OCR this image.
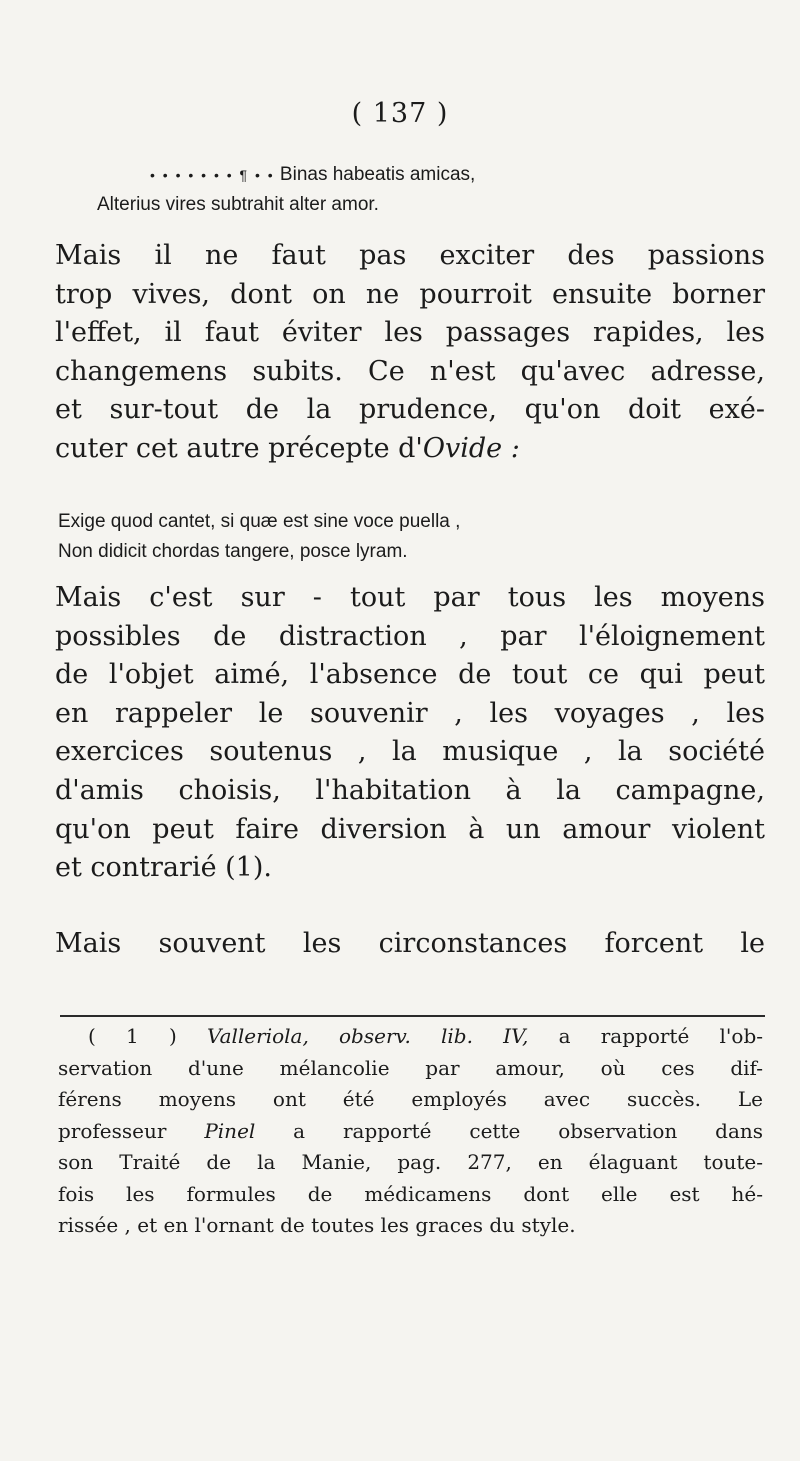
( 137 )
• • • • • • • ¶ • • Binas habeatis amicas,
Alterius vires subtrahit alter amor.
Mais il ne faut pas exciter des passions
trop vives, dont on ne pourroit ensuite borner
l'effet, il faut éviter les passages rapides, les
changemens subits. Ce n'est qu'avec adresse,
et sur-tout de la prudence, qu'on doit exé-
cuter cet autre précepte d'Ovide :
Exige quod cantet, si quæ est sine voce puella ,
Non didicit chordas tangere, posce lyram.
Mais c'est sur - tout par tous les moyens
possibles de distraction , par l'éloignement
de l'objet aimé, l'absence de tout ce qui peut
en rappeler le souvenir , les voyages , les
exercices soutenus , la musique , la société
d'amis choisis, l'habitation à la campagne,
qu'on peut faire diversion à un amour violent
et contrarié (1).
Mais souvent les circonstances forcent le
( 1 ) Valleriola, observ. lib. IV, a rapporté l'ob-
servation d'une mélancolie par amour, où ces dif-
férens moyens ont été employés avec succès. Le
professeur Pinel a rapporté cette observation dans
son Traité de la Manie, pag. 277, en élaguant toute-
fois les formules de médicamens dont elle est hé-
rissée , et en l'ornant de toutes les graces du style.
